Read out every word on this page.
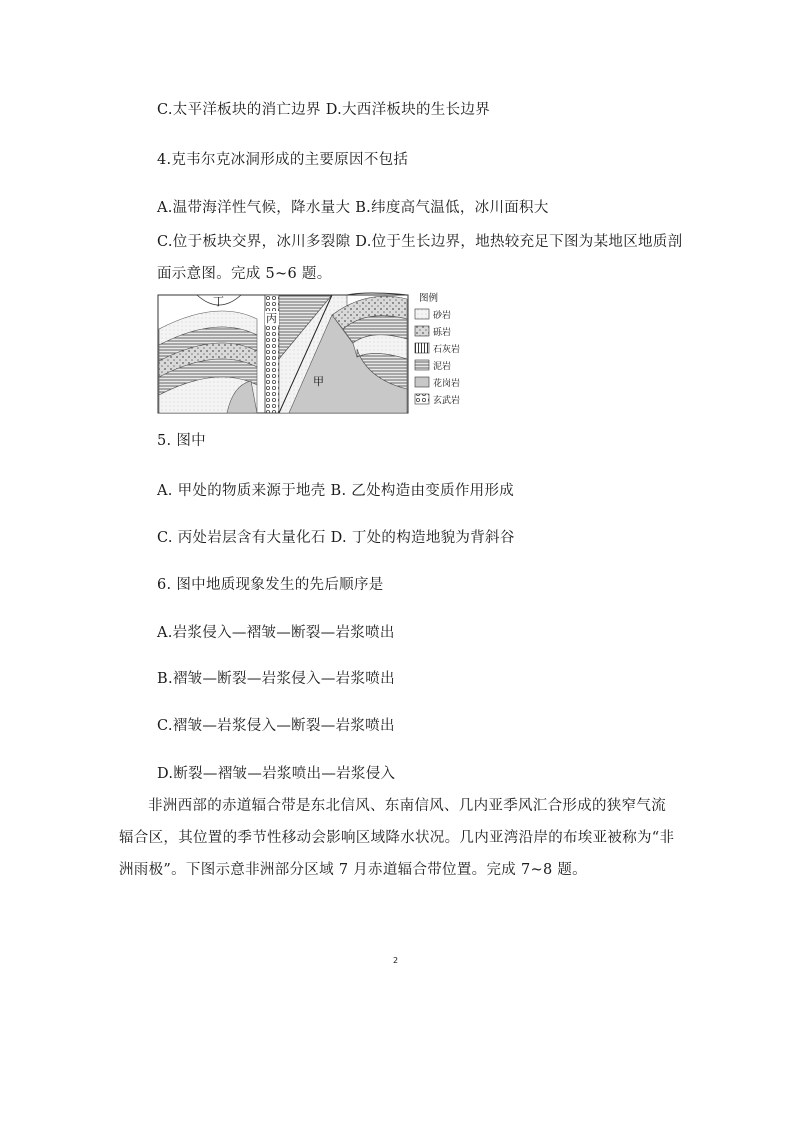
C.太平洋板块的消亡边界 D.大西洋板块的生长边界
4.克韦尔克冰洞形成的主要原因不包括
A.温带海洋性气候，降水量大 B.纬度高气温低，冰川面积大
C.位于板块交界，冰川多裂隙 D.位于生长边界，地热较充足下图为某地区地质剖
面示意图。完成 5~6 题。
丁
丙
甲
图例
砂岩
砾岩
石灰岩
泥岩
花岗岩
玄武岩
5. 图中
A. 甲处的物质来源于地壳 B. 乙处构造由变质作用形成
C. 丙处岩层含有大量化石 D. 丁处的构造地貌为背斜谷
6. 图中地质现象发生的先后顺序是
A.岩浆侵入—褶皱—断裂—岩浆喷出
B.褶皱—断裂—岩浆侵入—岩浆喷出
C.褶皱—岩浆侵入—断裂—岩浆喷出
D.断裂—褶皱—岩浆喷出—岩浆侵入
非洲西部的赤道辐合带是东北信风、东南信风、几内亚季风汇合形成的狭窄气流辐合区，其位置的季节性移动会影响区域降水状况。几内亚湾沿岸的布埃亚被称为“非洲雨极”。下图示意非洲部分区域 7 月赤道辐合带位置。完成 7~8 题。
2
